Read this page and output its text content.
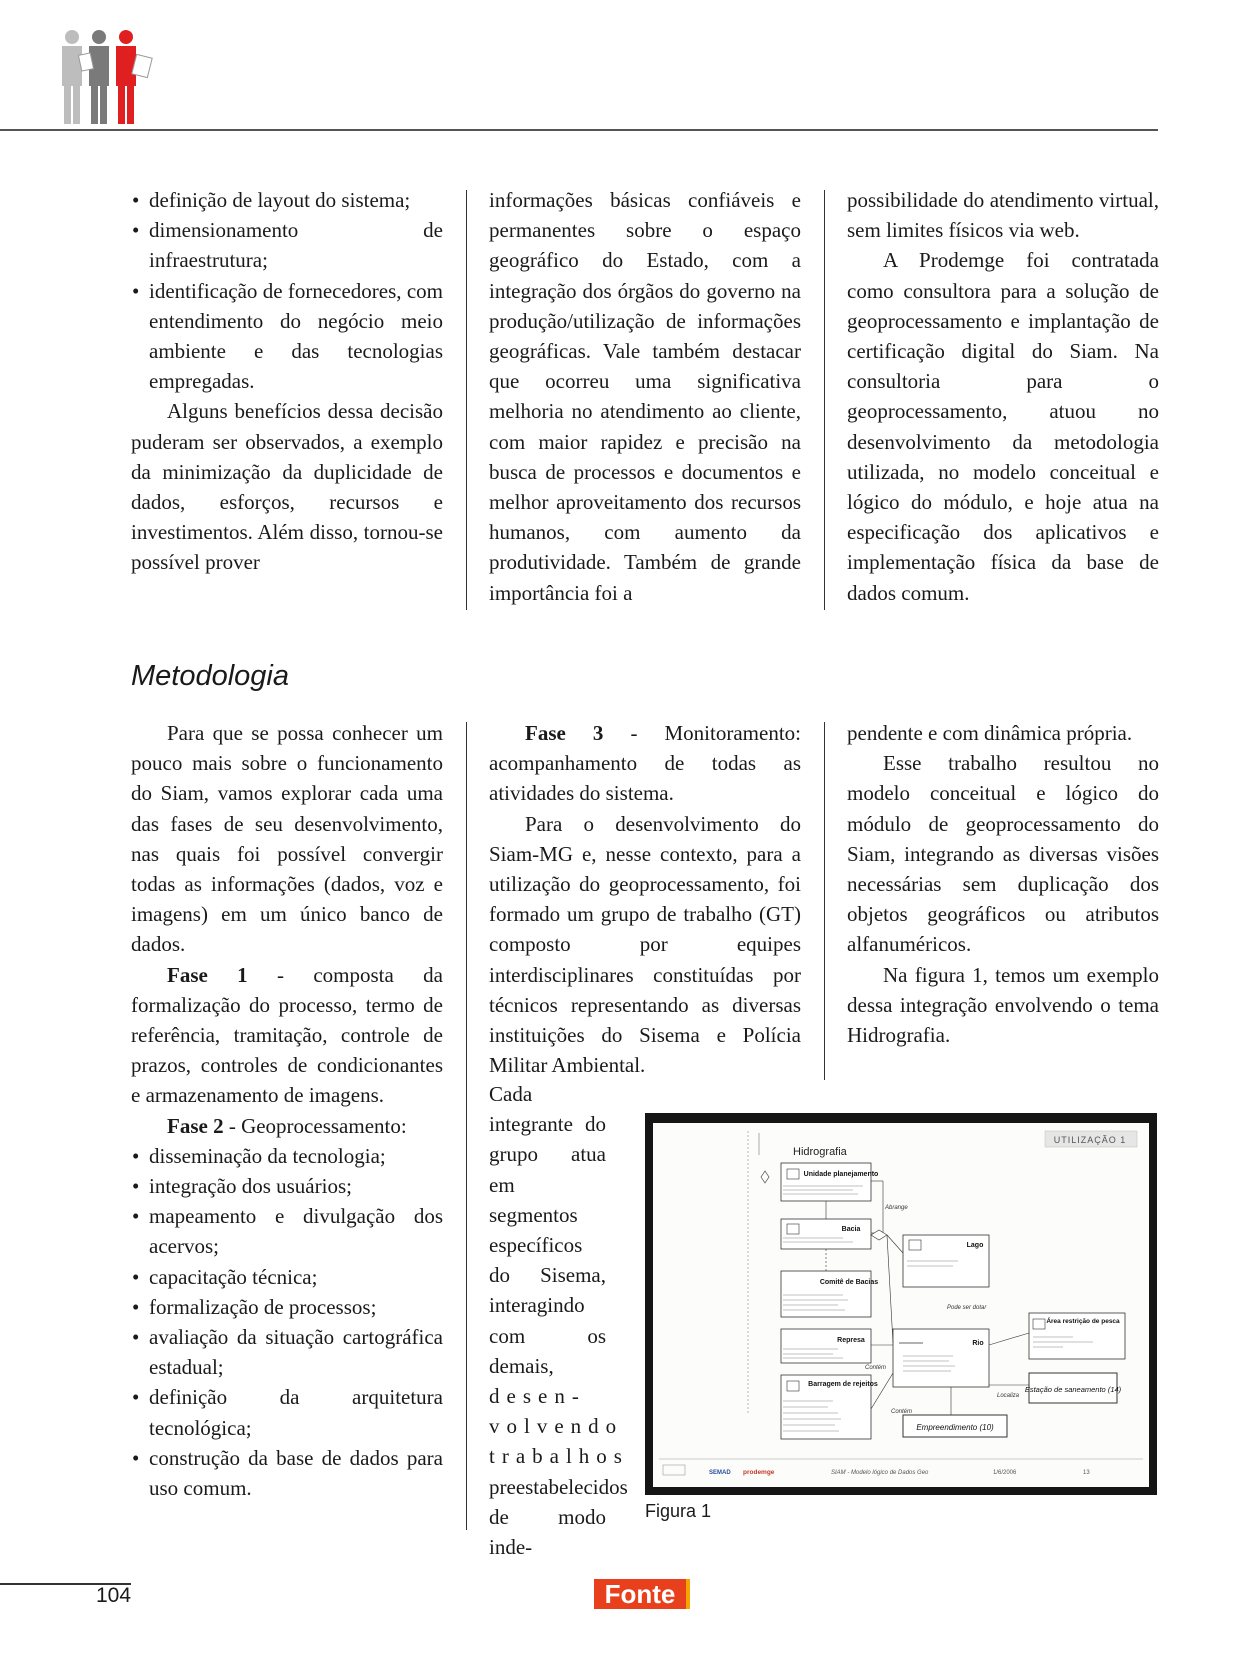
• definição de layout do sistema;
• dimensionamento de infraestrutura;
• identificação de fornecedores, com entendimento do negócio meio ambiente e das tecnologias empregadas.

Alguns benefícios dessa decisão puderam ser observados, a exemplo da minimização da duplicidade de dados, esforços, recursos e investimentos. Além disso, tornou-se possível prover

informações básicas confiáveis e permanentes sobre o espaço geográfico do Estado, com a integração dos órgãos do governo na produção/utilização de informações geográficas. Vale também destacar que ocorreu uma significativa melhoria no atendimento ao cliente, com maior rapidez e precisão na busca de processos e documentos e melhor aproveitamento dos recursos humanos, com aumento da produtividade. Também de grande importância foi a

possibilidade do atendimento virtual, sem limites físicos via web.

A Prodemge foi contratada como consultora para a solução de geoprocessamento e implantação de certificação digital do Siam. Na consultoria para o geoprocessamento, atuou no desenvolvimento da metodologia utilizada, no modelo conceitual e lógico do módulo, e hoje atua na especificação dos aplicativos e implementação física da base de dados comum.

Metodologia

Para que se possa conhecer um pouco mais sobre o funcionamento do Siam, vamos explorar cada uma das fases de seu desenvolvimento, nas quais foi possível convergir todas as informações (dados, voz e imagens) em um único banco de dados.

Fase 1 - composta da formalização do processo, termo de referência, tramitação, controle de prazos, controles de condicionantes e armazenamento de imagens.

Fase 2 - Geoprocessamento:

• disseminação da tecnologia;
• integração dos usuários;
• mapeamento e divulgação dos acervos;
• capacitação técnica;
• formalização de processos;
• avaliação da situação cartográfica estadual;
• definição da arquitetura tecnológica;
• construção da base de dados para uso comum.

Fase 3 - Monitoramento: acompanhamento de todas as atividades do sistema.

Para o desenvolvimento do Siam-MG e, nesse contexto, para a utilização do geoprocessamento, foi formado um grupo de trabalho (GT) composto por equipes interdisciplinares constituídas por técnicos representando as diversas instituições do Sisema e Polícia Militar Ambiental.

Cada integrante do grupo atua em segmentos específicos do Sisema, interagindo com os demais, desen- volvendo trabalhos preestabelecidos de modo inde-

pendente e com dinâmica própria.

Esse trabalho resultou no modelo conceitual e lógico do módulo de geoprocessamento do Siam, integrando as diversas visões necessárias sem duplicação dos objetos geográficos ou atributos alfanuméricos.

Na figura 1, temos um exemplo dessa integração envolvendo o tema Hidrografia.

UTILIZAÇÃO 1
Hidrografia
Unidade planejamento
Bacia
Comitê de Bacias
Represa
Barragem de rejeitos
Lago
Rio
Área restrição de pesca
Estação de saneamento (14)
Empreendimento (10)
Abrange
Contém
Pode ser dotar
Localiza
Contém
SEMAD prodemge	SIAM - Modelo lógico de Dados Geo	1/6/2006	13
Figura 1
104	Fonte
